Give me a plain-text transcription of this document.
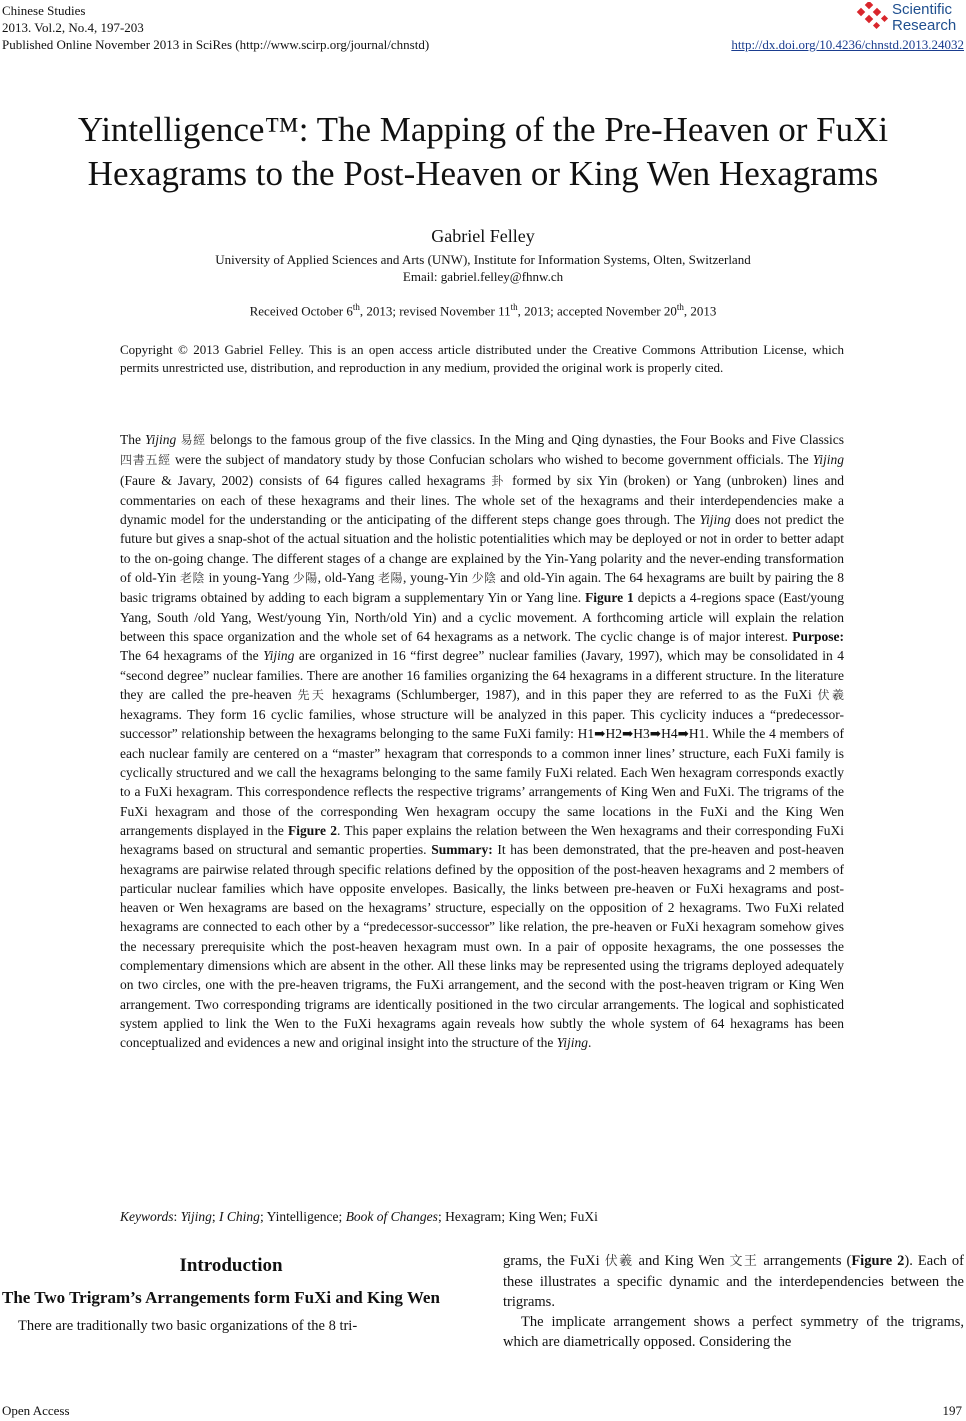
Chinese Studies
2013. Vol.2, No.4, 197-203
Published Online November 2013 in SciRes (http://www.scirp.org/journal/chnstd)	http://dx.doi.org/10.4236/chnstd.2013.24032
Scientific
Research
Yintelligence™: The Mapping of the Pre-Heaven or FuXi
Hexagrams to the Post-Heaven or King Wen Hexagrams
Gabriel Felley
University of Applied Sciences and Arts (UNW), Institute for Information Systems, Olten, Switzerland
Email: gabriel.felley@fhnw.ch
Received October 6th, 2013; revised November 11th, 2013; accepted November 20th, 2013
Copyright © 2013 Gabriel Felley. This is an open access article distributed under the Creative Commons Attribution License, which permits unrestricted use, distribution, and reproduction in any medium, provided the original work is properly cited.
The Yijing 易經 belongs to the famous group of the five classics. In the Ming and Qing dynasties, the Four Books and Five Classics 四書五經 were the subject of mandatory study by those Confucian scholars who wished to become government officials. The Yijing (Faure & Javary, 2002) consists of 64 figures called hexagrams 卦 formed by six Yin (broken) or Yang (unbroken) lines and commentaries on each of these hexagrams and their lines. The whole set of the hexagrams and their interdependencies make a dynamic model for the understanding or the anticipating of the different steps change goes through. The Yijing does not predict the future but gives a snap-shot of the actual situation and the holistic potentialities which may be deployed or not in order to better adapt to the on-going change. The different stages of a change are explained by the Yin-Yang polarity and the never-ending transformation of old-Yin 老陰 in young-Yang 少陽, old-Yang 老陽, young-Yin 少陰 and old-Yin again. The 64 hexagrams are built by pairing the 8 basic trigrams obtained by adding to each bigram a supplementary Yin or Yang line. Figure 1 depicts a 4-regions space (East/young Yang, South /old Yang, West/young Yin, North/old Yin) and a cyclic movement. A forthcoming article will explain the relation between this space organization and the whole set of 64 hexagrams as a network. The cyclic change is of major interest. Purpose: The 64 hexagrams of the Yijing are organized in 16 “first degree” nuclear families (Javary, 1997), which may be consolidated in 4 “second degree” nuclear families. There are another 16 families organizing the 64 hexagrams in a different structure. In the literature they are called the pre-heaven 先天 hexagrams (Schlumberger, 1987), and in this paper they are referred to as the FuXi 伏羲 hexagrams. They form 16 cyclic families, whose structure will be analyzed in this paper. This cyclicity induces a “predecessor-successor” relationship between the hexagrams belonging to the same FuXi family: H1➡H2➡H3➡H4➡H1. While the 4 members of each nuclear family are centered on a “master” hexagram that corresponds to a common inner lines’ structure, each FuXi family is cyclically structured and we call the hexagrams belonging to the same family FuXi related. Each Wen hexagram corresponds exactly to a FuXi hexagram. This correspondence reflects the respective trigrams’ arrangements of King Wen and FuXi. The trigrams of the FuXi hexagram and those of the corresponding Wen hexagram occupy the same locations in the FuXi and the King Wen arrangements displayed in the Figure 2. This paper explains the relation between the Wen hexagrams and their corresponding FuXi hexagrams based on structural and semantic properties. Summary: It has been demonstrated, that the pre-heaven and post-heaven hexagrams are pairwise related through specific relations defined by the opposition of the post-heaven hexagrams and 2 members of particular nuclear families which have opposite envelopes. Basically, the links between pre-heaven or FuXi hexagrams and post-heaven or Wen hexagrams are based on the hexagrams’ structure, especially on the opposition of 2 hexagrams. Two FuXi related hexagrams are connected to each other by a “predecessor-successor” like relation, the pre-heaven or FuXi hexagram somehow gives the necessary prerequisite which the post-heaven hexagram must own. In a pair of opposite hexagrams, the one possesses the complementary dimensions which are absent in the other. All these links may be represented using the trigrams deployed adequately on two circles, one with the pre-heaven trigrams, the FuXi arrangement, and the second with the post-heaven trigram or King Wen arrangement. Two corresponding trigrams are identically positioned in the two circular arrangements. The logical and sophisticated system applied to link the Wen to the FuXi hexagrams again reveals how subtly the whole system of 64 hexagrams has been conceptualized and evidences a new and original insight into the structure of the Yijing.
Keywords: Yijing; I Ching; Yintelligence; Book of Changes; Hexagram; King Wen; FuXi
Introduction
The Two Trigram’s Arrangements form FuXi and King Wen

There are traditionally two basic organizations of the 8 tri-

grams, the FuXi 伏羲 and King Wen 文王 arrangements (Figure 2). Each of these illustrates a specific dynamic and the interdependencies between the trigrams.

The implicate arrangement shows a perfect symmetry of the trigrams, which are diametrically opposed. Considering the

Open Access	197
